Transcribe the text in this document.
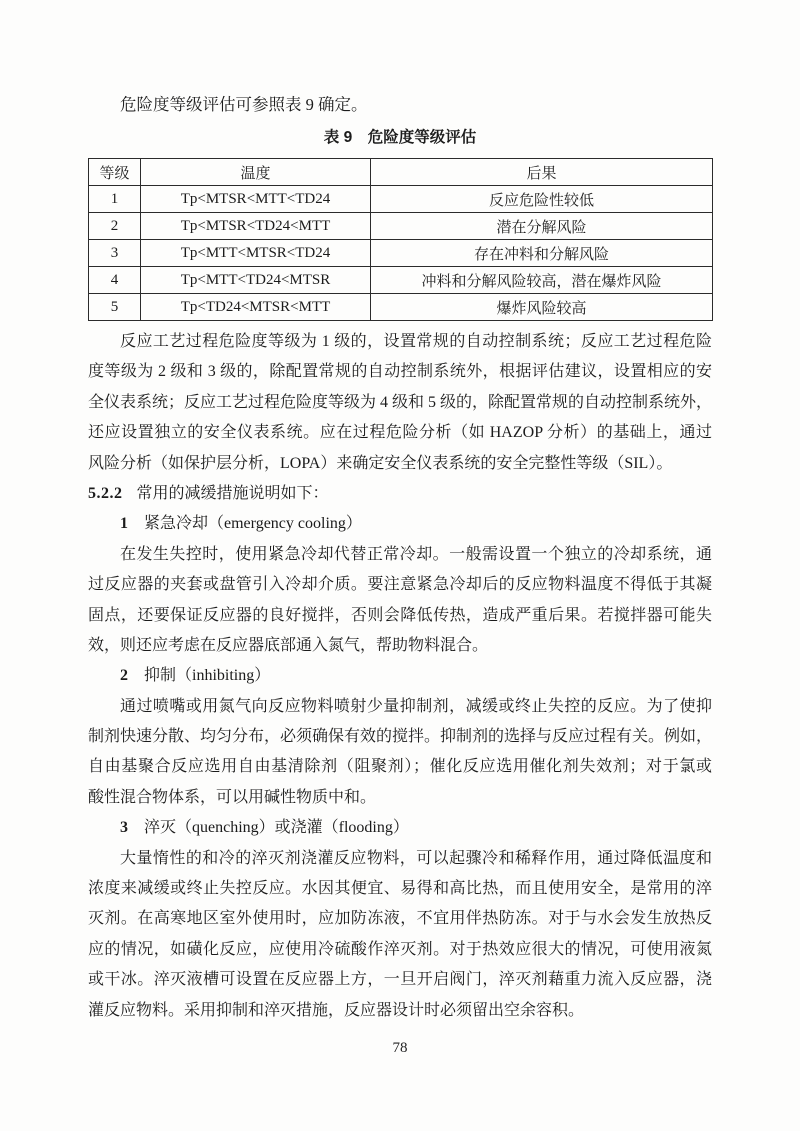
危险度等级评估可参照表 9 确定。
表 9 危险度等级评估
等级	温度	后果
1	Tp<MTSR<MTT<TD24	反应危险性较低
2	Tp<MTSR<TD24<MTT	潜在分解风险
3	Tp<MTT<MTSR<TD24	存在冲料和分解风险
4	Tp<MTT<TD24<MTSR	冲料和分解风险较高，潜在爆炸风险
5	Tp<TD24<MTSR<MTT	爆炸风险较高
反应工艺过程危险度等级为 1 级的，设置常规的自动控制系统；反应工艺过程危险
度等级为 2 级和 3 级的，除配置常规的自动控制系统外，根据评估建议，设置相应的安
全仪表系统；反应工艺过程危险度等级为 4 级和 5 级的，除配置常规的自动控制系统外，
还应设置独立的安全仪表系统。应在过程危险分析（如 HAZOP 分析）的基础上，通过
风险分析（如保护层分析，LOPA）来确定安全仪表系统的安全完整性等级（SIL）。
5.2.2 常用的减缓措施说明如下：
1 紧急冷却（emergency cooling）
在发生失控时，使用紧急冷却代替正常冷却。一般需设置一个独立的冷却系统，通
过反应器的夹套或盘管引入冷却介质。要注意紧急冷却后的反应物料温度不得低于其凝
固点，还要保证反应器的良好搅拌，否则会降低传热，造成严重后果。若搅拌器可能失
效，则还应考虑在反应器底部通入氮气，帮助物料混合。
2 抑制（inhibiting）
通过喷嘴或用氮气向反应物料喷射少量抑制剂，减缓或终止失控的反应。为了使抑
制剂快速分散、均匀分布，必须确保有效的搅拌。抑制剂的选择与反应过程有关。例如，
自由基聚合反应选用自由基清除剂（阻聚剂）；催化反应选用催化剂失效剂；对于氯或
酸性混合物体系，可以用碱性物质中和。
3 淬灭（quenching）或浇灌（flooding）
大量惰性的和冷的淬灭剂浇灌反应物料，可以起骤冷和稀释作用，通过降低温度和
浓度来减缓或终止失控反应。水因其便宜、易得和高比热，而且使用安全，是常用的淬
灭剂。在高寒地区室外使用时，应加防冻液，不宜用伴热防冻。对于与水会发生放热反
应的情况，如磺化反应，应使用冷硫酸作淬灭剂。对于热效应很大的情况，可使用液氮
或干冰。淬灭液槽可设置在反应器上方，一旦开启阀门，淬灭剂藉重力流入反应器，浇
灌反应物料。采用抑制和淬灭措施，反应器设计时必须留出空余容积。
78
